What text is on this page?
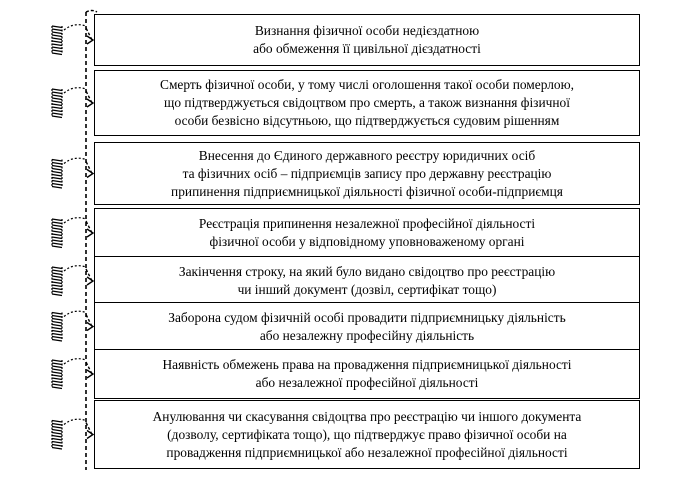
Визнання фізичної особи недієздатною
або обмеження її цивільної дієздатності
Смерть фізичної особи, у тому числі оголошення такої особи померлою,
що підтверджується свідоцтвом про смерть, а також визнання фізичної
особи безвісно відсутньою, що підтверджується судовим рішенням
Внесення до Єдиного державного реєстру юридичних осіб
та фізичних осіб – підприємців запису про державну реєстрацію
припинення підприємницької діяльності фізичної особи-підприємця
Реєстрація припинення незалежної професійної діяльності
фізичної особи у відповідному уповноваженому органі
Закінчення строку, на який було видано свідоцтво про реєстрацію
чи інший документ (дозвіл, сертифікат тощо)
Заборона судом фізичній особі провадити підприємницьку діяльність
або незалежну професійну діяльність
Наявність обмежень права на провадження підприємницької діяльності
або незалежної професійної діяльності
Анулювання чи скасування свідоцтва про реєстрацію чи іншого документа
(дозволу, сертифіката тощо), що підтверджує право фізичної особи на
провадження підприємницької або незалежної професійної діяльності
